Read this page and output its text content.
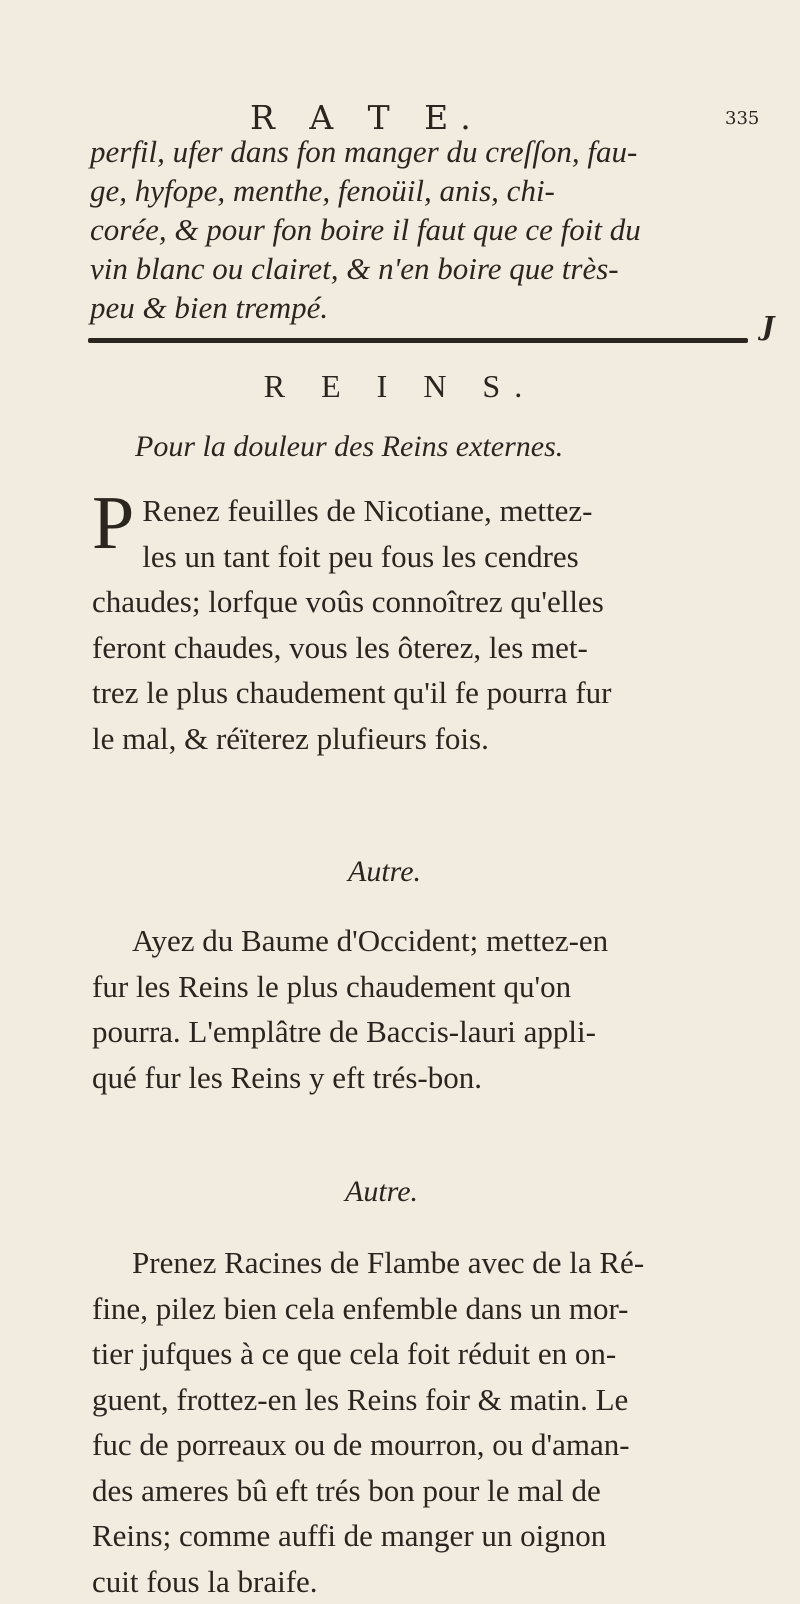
R A T E.	335

perfil, ufer dans fon manger du creſſon, fau-

ge, hyfope, menthe, fenoüil, anis, chi-

corée, & pour fon boire il faut que ce foit du

vin blanc ou clairet, & n'en boire que très-

peu & bien trempé.

J
R E I N S.
Pour la douleur des Reins externes.
P Renez feuilles de Nicotiane, mettez-

les un tant foit peu fous les cendres

chaudes; lorfque voûs connoîtrez qu'elles

feront chaudes, vous les ôterez, les met-

trez le plus chaudement qu'il fe pourra fur

le mal, & réïterez plufieurs fois.

Autre.

Ayez du Baume d'Occident; mettez-en

fur les Reins le plus chaudement qu'on

pourra. L'emplâtre de Baccis-lauri appli-

qué fur les Reins y eft trés-bon.

Autre.

Prenez Racines de Flambe avec de la Ré-

fine, pilez bien cela enfemble dans un mor-

tier jufques à ce que cela foit réduit en on-

guent, frottez-en les Reins foir & matin. Le

fuc de porreaux ou de mourron, ou d'aman-

des ameres bû eft trés bon pour le mal de

Reins; comme auffi de manger un oignon

cuit fous la braife.
